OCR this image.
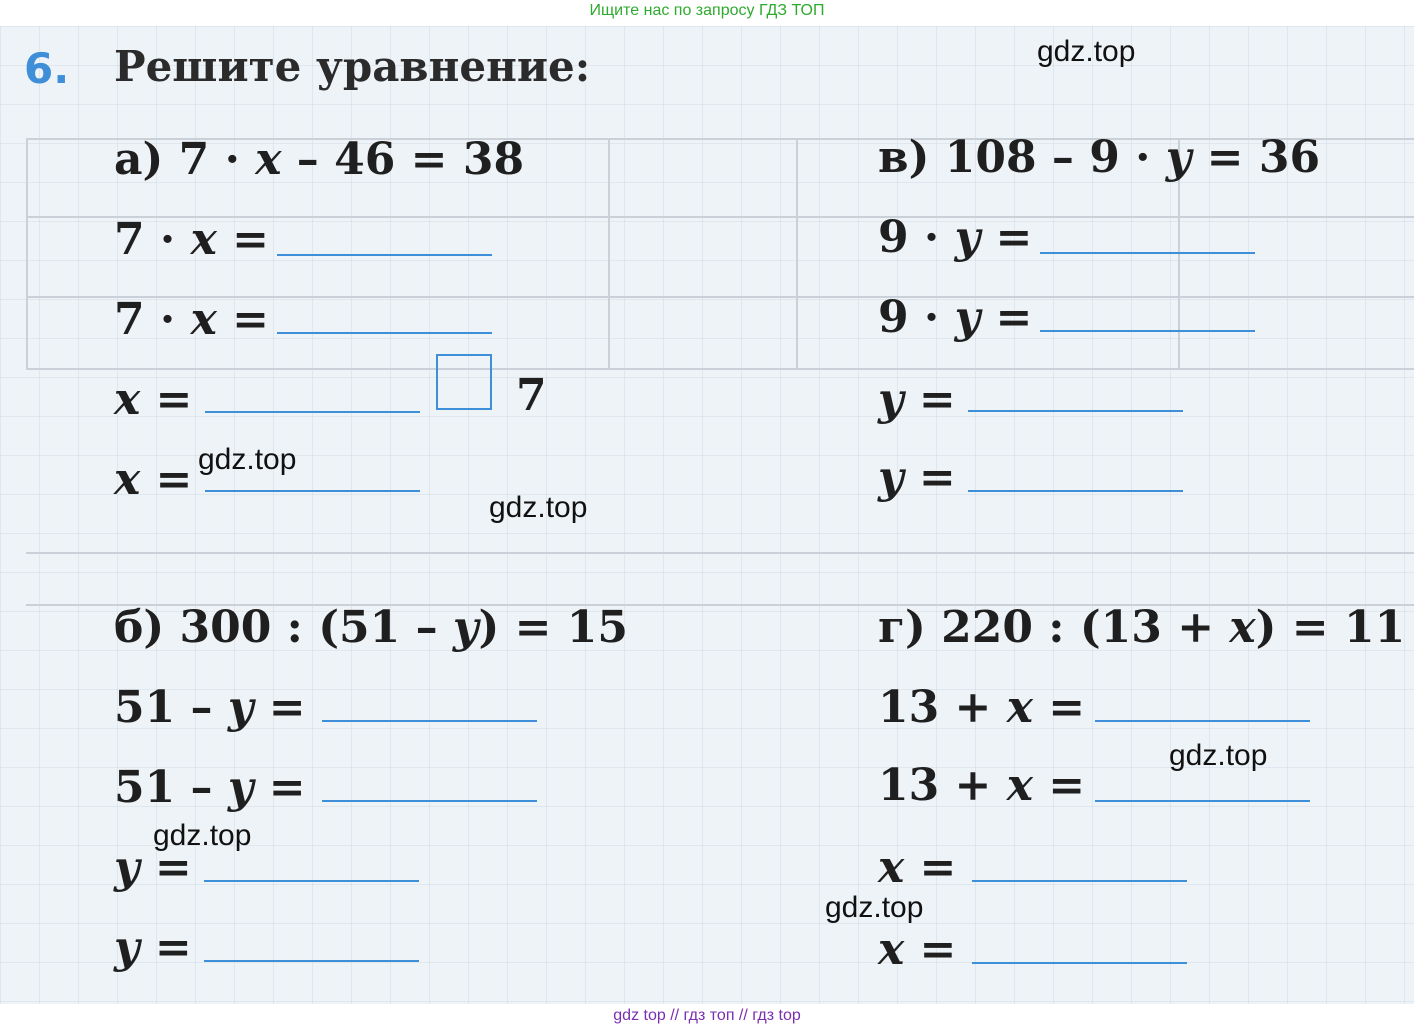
Ищите нас по запросу ГДЗ ТОП
6. Решите уравнение:
а) 7 · x – 46 = 38
7 · x =
7 · x =
x =	7
x =
б) 300 : (51 – y) = 15
51 – y =
51 – y =
y =
y =
в) 108 – 9 · y = 36
9 · y =
9 · y =
y =
y =
г) 220 : (13 + x) = 11
13 + x =
13 + x =
x =
x =
gdz.top
gdz.top
gdz.top
gdz.top
gdz.top
gdz.top
gdz top // гдз топ // гдз top
